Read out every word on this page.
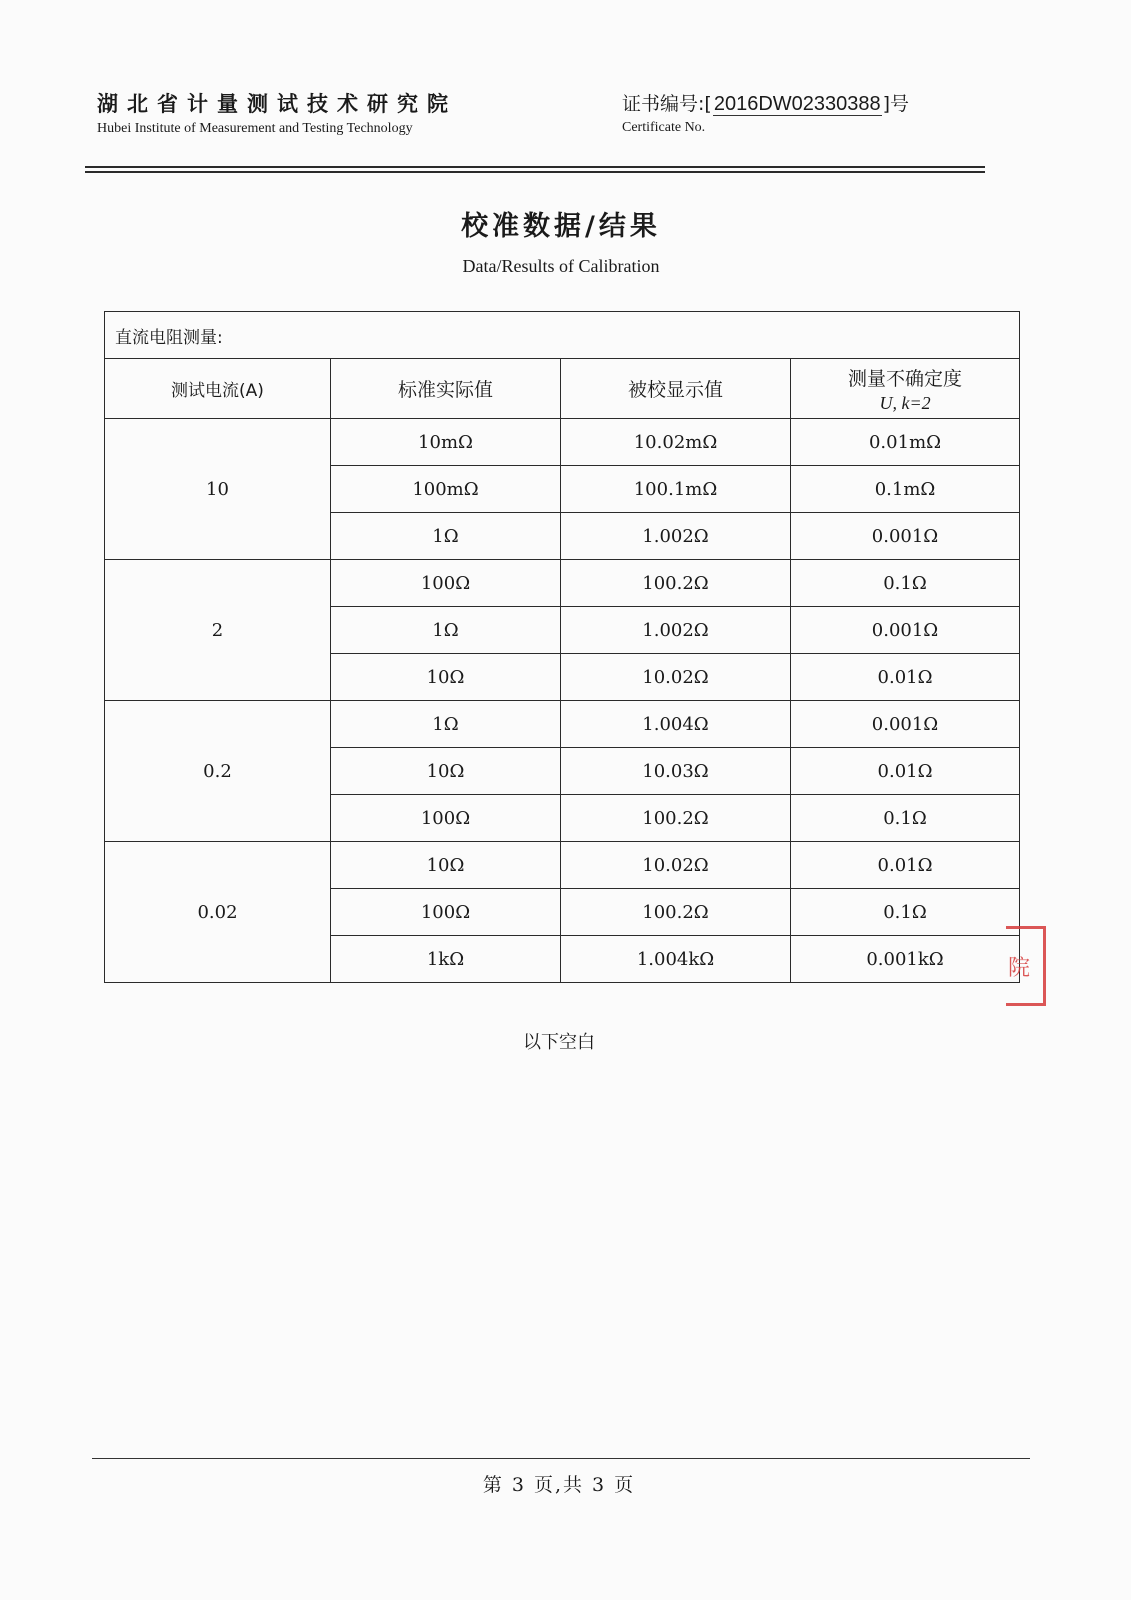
湖北省计量测试技术研究院
Hubei Institute of Measurement and Testing Technology
证书编号: [ 2016DW02330388 ]号
Certificate No.
校准数据/结果
Data/Results of Calibration
直流电阻测量:			
测试电流(A)	标准实际值	被校显示值	测量不确定度
U, k=2

10	10mΩ	10.02mΩ	0.01mΩ
	100mΩ	100.1mΩ	0.1mΩ
	1Ω	1.002Ω	0.001Ω
2	100Ω	100.2Ω	0.1Ω
	1Ω	1.002Ω	0.001Ω
	10Ω	10.02Ω	0.01Ω
0.2	1Ω	1.004Ω	0.001Ω
	10Ω	10.03Ω	0.01Ω
	100Ω	100.2Ω	0.1Ω
0.02	10Ω	10.02Ω	0.01Ω
	100Ω	100.2Ω	0.1Ω
	1kΩ	1.004kΩ	0.001kΩ	院
以下空白
第 3 页,共 3 页
